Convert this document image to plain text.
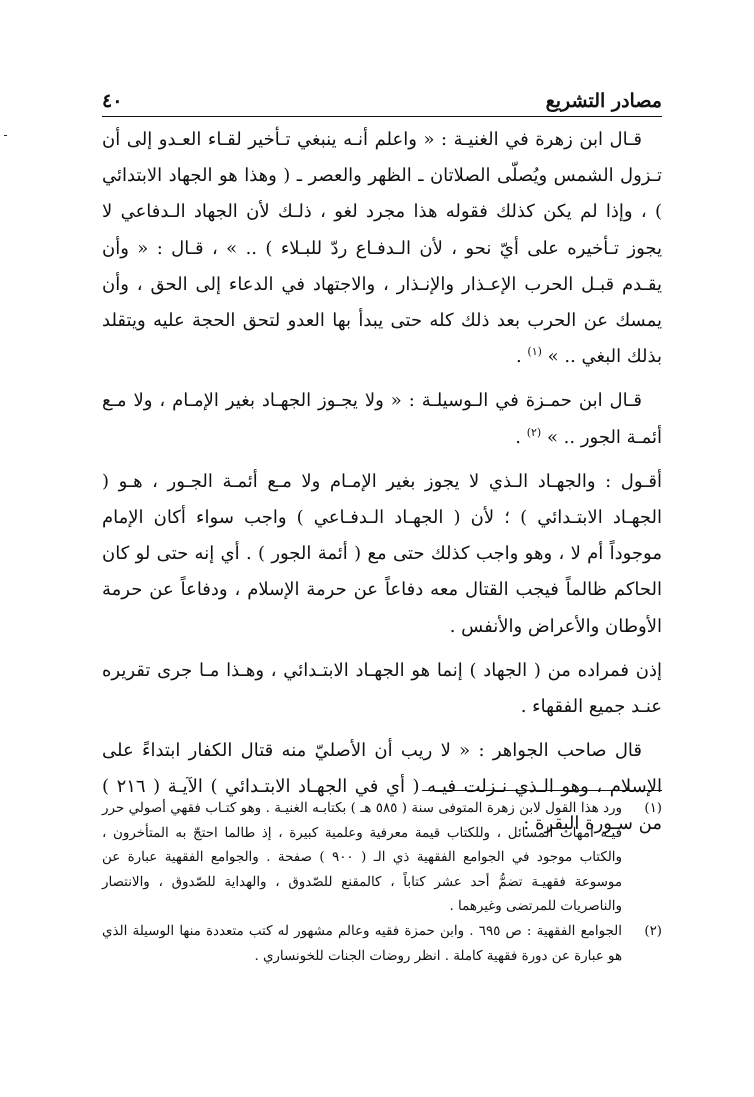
مصادر التشريع
٤٠
ـ	قـال ابن زهرة في الغنيـة : « واعلم أنـه ينبغي تـأخير لقـاء العـدو إلى أن تـزول الشمس ويُصلّى الصلاتان ـ الظهر والعصر ـ ( وهذا هو الجهاد الابتدائي ) ، وإذا لم يكن كذلك فقوله هذا مجرد لغو ، ذلـك لأن الجهاد الـدفاعي لا يجوز تـأخيره على أيّ نحو ، لأن الـدفـاع ردّ للبـلاء ) .. » ، قـال : « وأن يقـدم قبـل الحرب الإعـذار والإنـذار ، والاجتهاد في الدعاء إلى الحق ، وأن يمسك عن الحرب بعد ذلك كله حتى يبدأ بها العدو لتحق الحجة عليه ويتقلد بذلك البغي .. » $^{(١)}$ .

قـال ابن حمـزة في الـوسيلـة : « ولا يجـوز الجهـاد بغير الإمـام ، ولا مـع أئمـة الجور .. » $^{(٢)}$ .

أقـول : والجهـاد الـذي لا يجوز بغير الإمـام ولا مـع أئمـة الجـور ، هـو ( الجهـاد الابتـدائي ) ؛ لأن ( الجهـاد الـدفـاعي ) واجب سواء أكان الإمام موجوداً أم لا ، وهو واجب كذلك حتى مع ( أئمة الجور ) . أي إنه حتى لو كان الحاكم ظالماً فيجب القتال معه دفاعاً عن حرمة الإسلام ، ودفاعاً عن حرمة الأوطان والأعراض والأنفس .

إذن فمراده من ( الجهاد ) إنما هو الجهـاد الابتـدائي ، وهـذا مـا جرى تقريره عنـد جميع الفقهاء .

قال صاحب الجواهر : « لا ريب أن الأصليّ منه قتال الكفار ابتداءً على الإسلام ، وهو الـذي نـزلت فيـه ( أي في الجهـاد الابتـدائي ) الآيـة ( ٢١٦ ) من سـورة البقرة :

(١)
ورد هذا القول لابن زهرة المتوفى سنة ( ٥٨٥ هـ ) بكتابـه الغنيـة . وهو كتـاب فقهي أصولي حرر فيـه أمهات المسائل ، وللكتاب قيمة معرفية وعلمية كبيرة ، إذ طالما احتجّ به المتأخرون ، والكتاب موجود في الجوامع الفقهية ذي الـ ( ٩٠٠ ) صفحة . والجوامع الفقهية عبارة عن موسوعة فقهيـة تضمُّ أحد عشر كتاباً ، كالمقنع للصّدوق ، والهداية للصّدوق ، والانتصار والناصريات للمرتضى وغيرهما .
(٢)
الجوامع الفقهية : ص ٦٩٥ . وابن حمزة فقيه وعالم مشهور له كتب متعددة منها الوسيلة الذي هو عبارة عن دورة فقهية كاملة . انظر روضات الجنات للخونساري .
